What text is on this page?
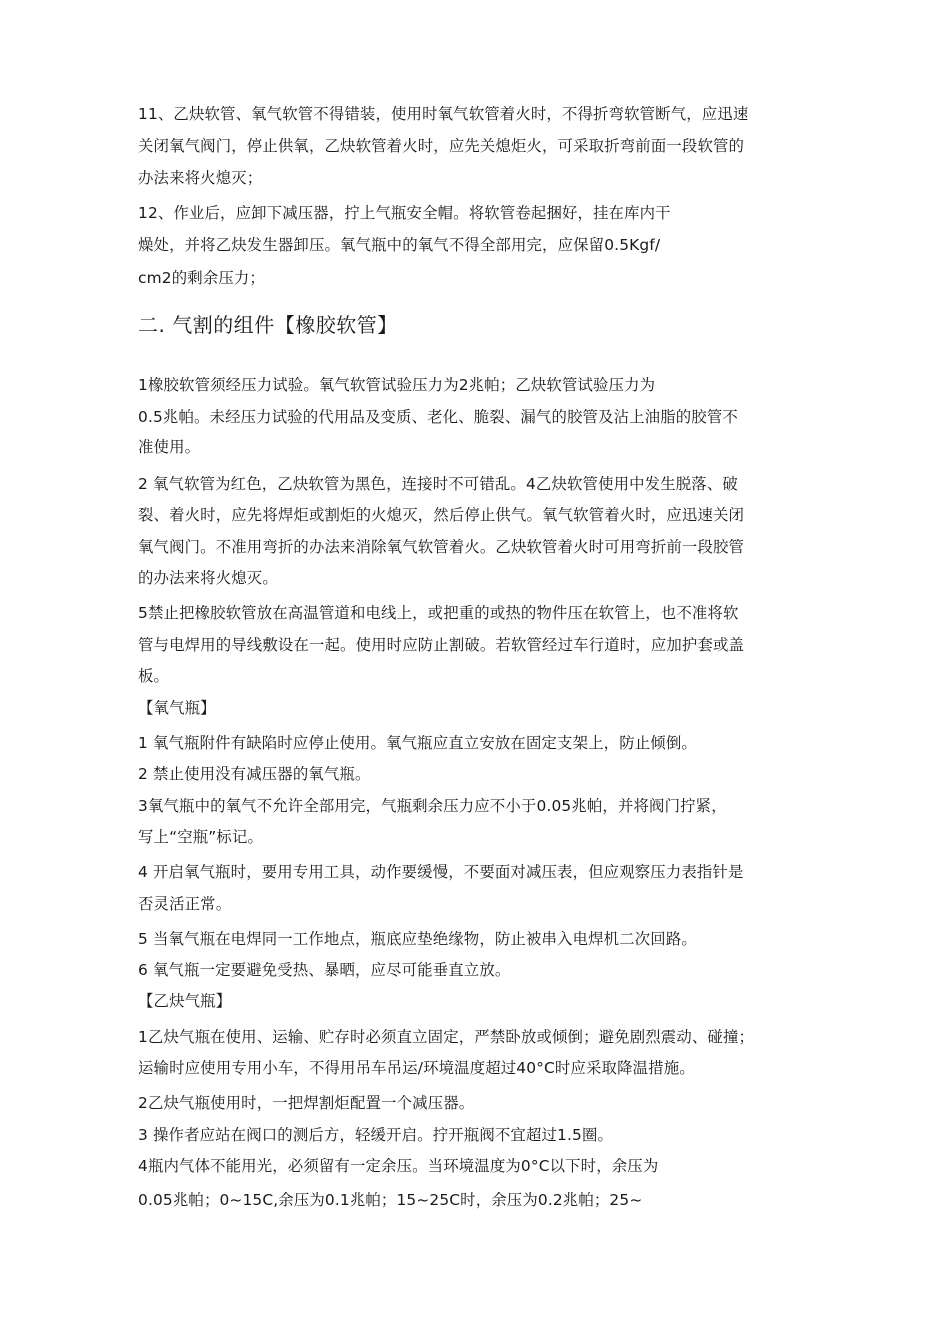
11、乙炔软管、氧气软管不得错装，使用时氧气软管着火时，不得折弯软管断气，应迅速
关闭氧气阀门，停止供氧，乙炔软管着火时，应先关熄炬火，可采取折弯前面一段软管的
办法来将火熄灭；
12、作业后，应卸下减压器，拧上气瓶安全帽。将软管卷起捆好，挂在库内干
燥处，并将乙炔发生器卸压。氧气瓶中的氧气不得全部用完，应保留0.5Kgf/
cm2的剩余压力；
二. 气割的组件【橡胶软管】
1橡胶软管须经压力试验。氧气软管试验压力为2兆帕；乙炔软管试验压力为
0.5兆帕。未经压力试验的代用品及变质、老化、脆裂、漏气的胶管及沾上油脂的胶管不
准使用。
2 氧气软管为红色，乙炔软管为黑色，连接时不可错乱。4乙炔软管使用中发生脱落、破
裂、着火时，应先将焊炬或割炬的火熄灭，然后停止供气。氧气软管着火时，应迅速关闭
氧气阀门。不准用弯折的办法来消除氧气软管着火。乙炔软管着火时可用弯折前一段胶管
的办法来将火熄灭。
5禁止把橡胶软管放在高温管道和电线上，或把重的或热的物件压在软管上，也不准将软
管与电焊用的导线敷设在一起。使用时应防止割破。若软管经过车行道时，应加护套或盖
板。
【氧气瓶】
1 氧气瓶附件有缺陷时应停止使用。氧气瓶应直立安放在固定支架上，防止倾倒。
2 禁止使用没有减压器的氧气瓶。
3氧气瓶中的氧气不允许全部用完，气瓶剩余压力应不小于0.05兆帕，并将阀门拧紧，
写上“空瓶”标记。
4 开启氧气瓶时，要用专用工具，动作要缓慢，不要面对减压表，但应观察压力表指针是
否灵活正常。
5 当氧气瓶在电焊同一工作地点，瓶底应垫绝缘物，防止被串入电焊机二次回路。
6 氧气瓶一定要避免受热、暴晒，应尽可能垂直立放。
【乙炔气瓶】
1乙炔气瓶在使用、运输、贮存时必须直立固定，严禁卧放或倾倒；避免剧烈震动、碰撞；
运输时应使用专用小车，不得用吊车吊运/环境温度超过40°C时应采取降温措施。
2乙炔气瓶使用时，一把焊割炬配置一个减压器。
3 操作者应站在阀口的测后方，轻缓开启。拧开瓶阀不宜超过1.5圈。
4瓶内气体不能用光，必须留有一定余压。当环境温度为0°C以下时，余压为
0.05兆帕；0~15C,余压为0.1兆帕；15~25C时，余压为0.2兆帕；25~
